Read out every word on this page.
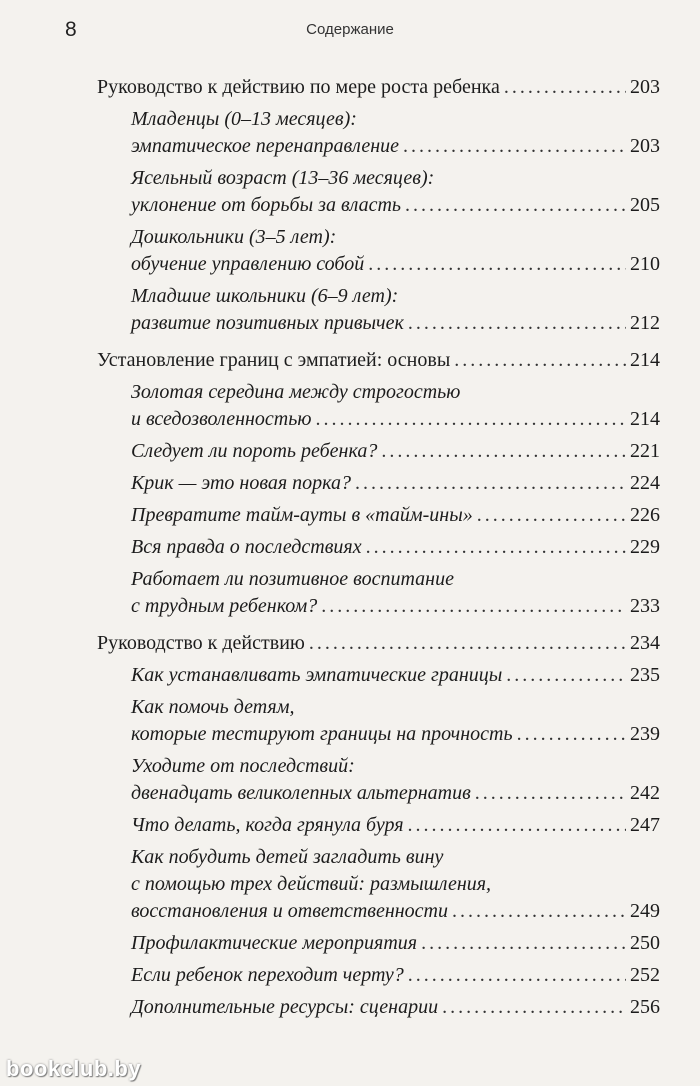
8	Содержание
Руководство к действию по мере роста ребенка .....	203
Младенцы (0–13 месяцев):
эмпатическое перенаправление .....	203
Ясельный возраст (13–36 месяцев):
уклонение от борьбы за власть .....	205
Дошкольники (3–5 лет):
обучение управлению собой .....	210
Младшие школьники (6–9 лет):
развитие позитивных привычек .....	212
Установление границ с эмпатией: основы .....	214
Золотая середина между строгостью
и вседозволенностью .....	214
Следует ли пороть ребенка? .....	221
Крик — это новая порка? .....	224
Превратите тайм-ауты в «тайм-ины» .....	226
Вся правда о последствиях .....	229
Работает ли позитивное воспитание
с трудным ребенком? .....	233
Руководство к действию .....	234
Как устанавливать эмпатические границы .....	235
Как помочь детям,
которые тестируют границы на прочность .....	239
Уходите от последствий:
двенадцать великолепных альтернатив .....	242
Что делать, когда грянула буря .....	247
Как побудить детей загладить вину
с помощью трех действий: размышления,
восстановления и ответственности .....	249
Профилактические мероприятия .....	250
Если ребенок переходит черту? .....	252
Дополнительные ресурсы: сценарии .....	256
bookclub.by
